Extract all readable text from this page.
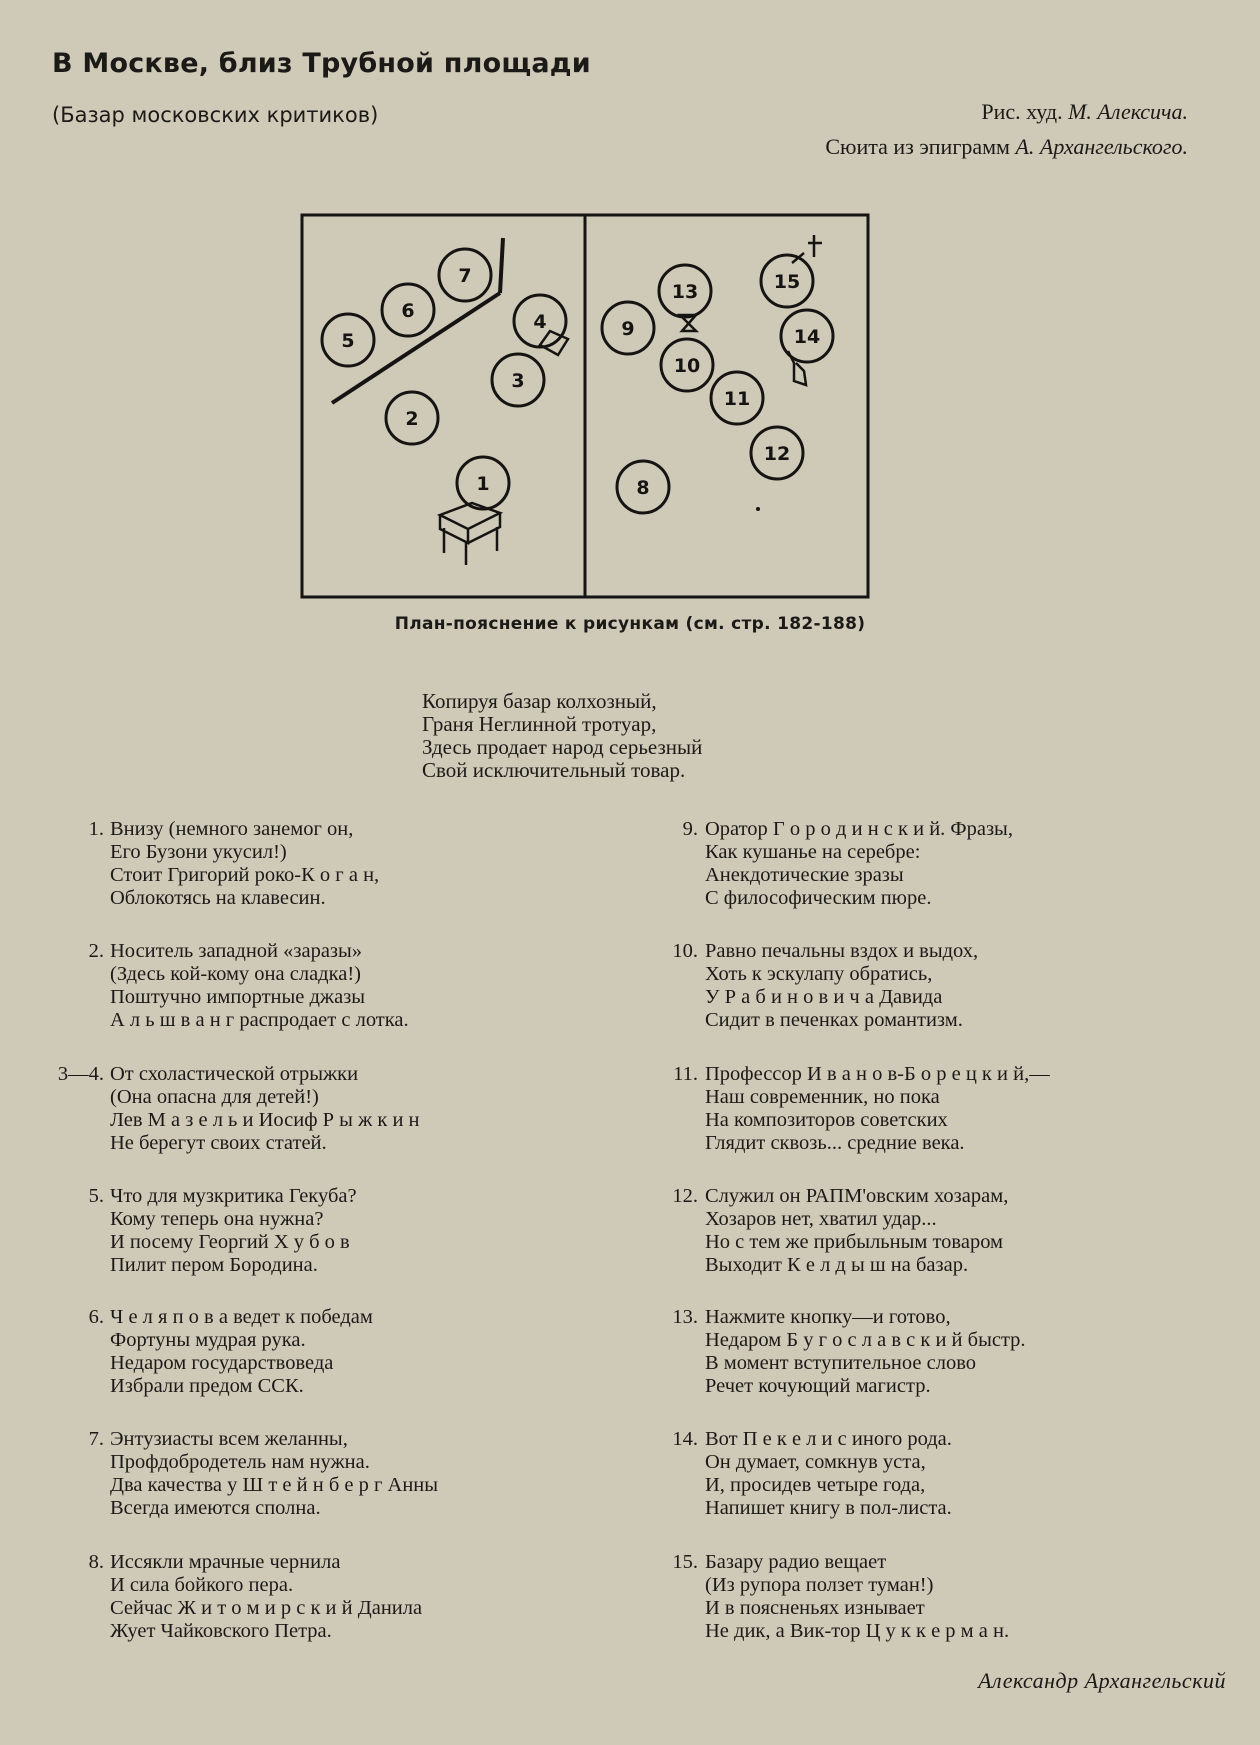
В Москве, близ Трубной площади
(Базар московских критиков)	Рис. худ. М. Алексича.
Сюита из эпиграмм А. Архангельского.
1
2
3
4
5
6
7
8
9
10
11
12
13
14
15
План-пояснение к рисункам (см. стр. 182-188)
Копируя базар колхозный,
Граня Неглинной тротуар,
Здесь продает народ серьезный
Свой исключительный товар.
1. Внизу (немного занемог он,
Его Бузони укусил!)
Стоит Григорий роко-К о г а н,
Облокотясь на клавесин.
2. Носитель западной «заразы»
(Здесь кой-кому она сладка!)
Поштучно импортные джазы
А л ь ш в а н г распродает с лотка.
3—4. От схоластической отрыжки
(Она опасна для детей!)
Лев М а з е л ь и Иосиф Р ы ж к и н
Не берегут своих статей.
5. Что для музкритика Гекуба?
Кому теперь она нужна?
И посему Георгий Х у б о в
Пилит пером Бородина.
6. Ч е л я п о в а ведет к победам
Фортуны мудрая рука.
Недаром государствоведа
Избрали предом ССК.
7. Энтузиасты всем желанны,
Профдобродетель нам нужна.
Два качества у Ш т е й н б е р г Анны
Всегда имеются сполна.
8. Иссякли мрачные чернила
И сила бойкого пера.
Сейчас Ж и т о м и р с к и й Данила
Жует Чайковского Петра.
9. Оратор Г о р о д и н с к и й. Фразы,
Как кушанье на серебре:
Анекдотические зразы
С философическим пюре.
10. Равно печальны вздох и выдох,
Хоть к эскулапу обратись,
У Р а б и н о в и ч а Давида
Сидит в печенках романтизм.
11. Профессор И в а н о в-Б о р е ц к и й,—
Наш современник, но пока
На композиторов советских
Глядит сквозь... средние века.
12. Служил он РАПМ'овским хозарам,
Хозаров нет, хватил удар...
Но с тем же прибыльным товаром
Выходит К е л д ы ш на базар.
13. Нажмите кнопку—и готово,
Недаром Б у г о с л а в с к и й быстр.
В момент вступительное слово
Речет кочующий магистр.
14. Вот П е к е л и с иного рода.
Он думает, сомкнув уста,
И, просидев четыре года,
Напишет книгу в пол-листа.
15. Базару радио вещает
(Из рупора ползет туман!)
И в поясненьях изнывает
Не дик, а Вик-тор Ц у к к е р м а н.
Александр Архангельский
